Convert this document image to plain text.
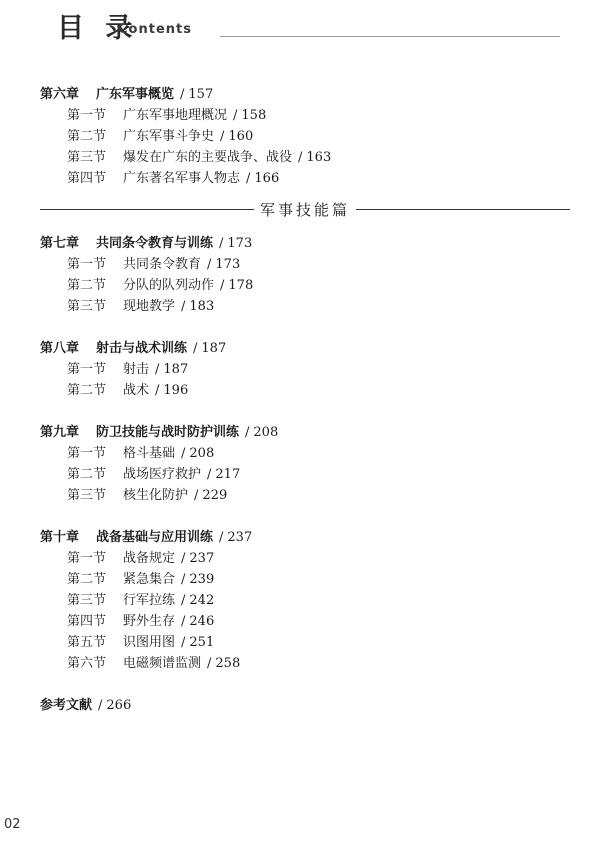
目 录
Contents
第六章	广东军事概览 / 157
第一节	广东军事地理概况 / 158
第二节	广东军事斗争史 / 160
第三节	爆发在广东的主要战争、战役 / 163
第四节	广东著名军事人物志 / 166
军事技能篇
第七章	共同条令教育与训练 / 173
第一节	共同条令教育 / 173
第二节	分队的队列动作 / 178
第三节	现地教学 / 183
第八章	射击与战术训练 / 187
第一节	射击 / 187
第二节	战术 / 196
第九章	防卫技能与战时防护训练 / 208
第一节	格斗基础 / 208
第二节	战场医疗救护 / 217
第三节	核生化防护 / 229
第十章	战备基础与应用训练 / 237
第一节	战备规定 / 237
第二节	紧急集合 / 239
第三节	行军拉练 / 242
第四节	野外生存 / 246
第五节	识图用图 / 251
第六节	电磁频谱监测 / 258
参考文献 / 266
02
